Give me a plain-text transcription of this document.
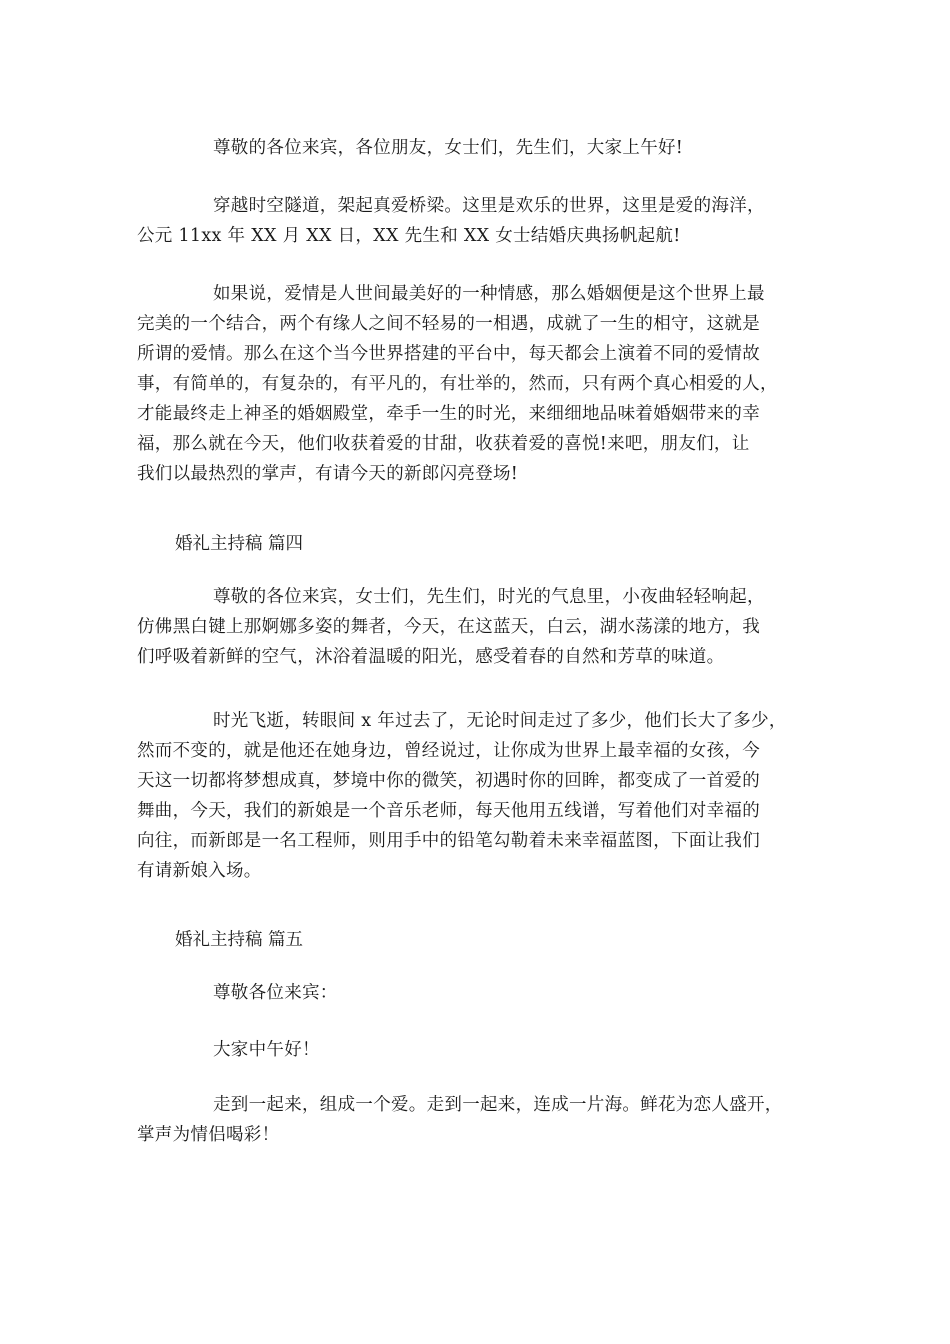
尊敬的各位来宾，各位朋友，女士们，先生们，大家上午好!
穿越时空隧道，架起真爱桥梁。这里是欢乐的世界，这里是爱的海洋，
公元 11xx 年 XX 月 XX 日，XX 先生和 XX 女士结婚庆典扬帆起航!
如果说，爱情是人世间最美好的一种情感，那么婚姻便是这个世界上最
完美的一个结合，两个有缘人之间不轻易的一相遇，成就了一生的相守，这就是
所谓的爱情。那么在这个当今世界搭建的平台中，每天都会上演着不同的爱情故
事，有简单的，有复杂的，有平凡的，有壮举的，然而，只有两个真心相爱的人，
才能最终走上神圣的婚姻殿堂，牵手一生的时光，来细细地品味着婚姻带来的幸
福，那么就在今天，他们收获着爱的甘甜，收获着爱的喜悦!来吧，朋友们，让
我们以最热烈的掌声，有请今天的新郎闪亮登场!
婚礼主持稿 篇四
尊敬的各位来宾，女士们，先生们，时光的气息里，小夜曲轻轻响起，
仿佛黑白键上那婀娜多姿的舞者，今天，在这蓝天，白云，湖水荡漾的地方，我
们呼吸着新鲜的空气，沐浴着温暖的阳光，感受着春的自然和芳草的味道。
时光飞逝，转眼间 x 年过去了，无论时间走过了多少，他们长大了多少，
然而不变的，就是他还在她身边，曾经说过，让你成为世界上最幸福的女孩，今
天这一切都将梦想成真，梦境中你的微笑，初遇时你的回眸，都变成了一首爱的
舞曲，今天，我们的新娘是一个音乐老师，每天他用五线谱，写着他们对幸福的
向往，而新郎是一名工程师，则用手中的铅笔勾勒着未来幸福蓝图，下面让我们
有请新娘入场。
婚礼主持稿 篇五
尊敬各位来宾：
大家中午好！
走到一起来，组成一个爱。走到一起来，连成一片海。鲜花为恋人盛开，
掌声为情侣喝彩！
